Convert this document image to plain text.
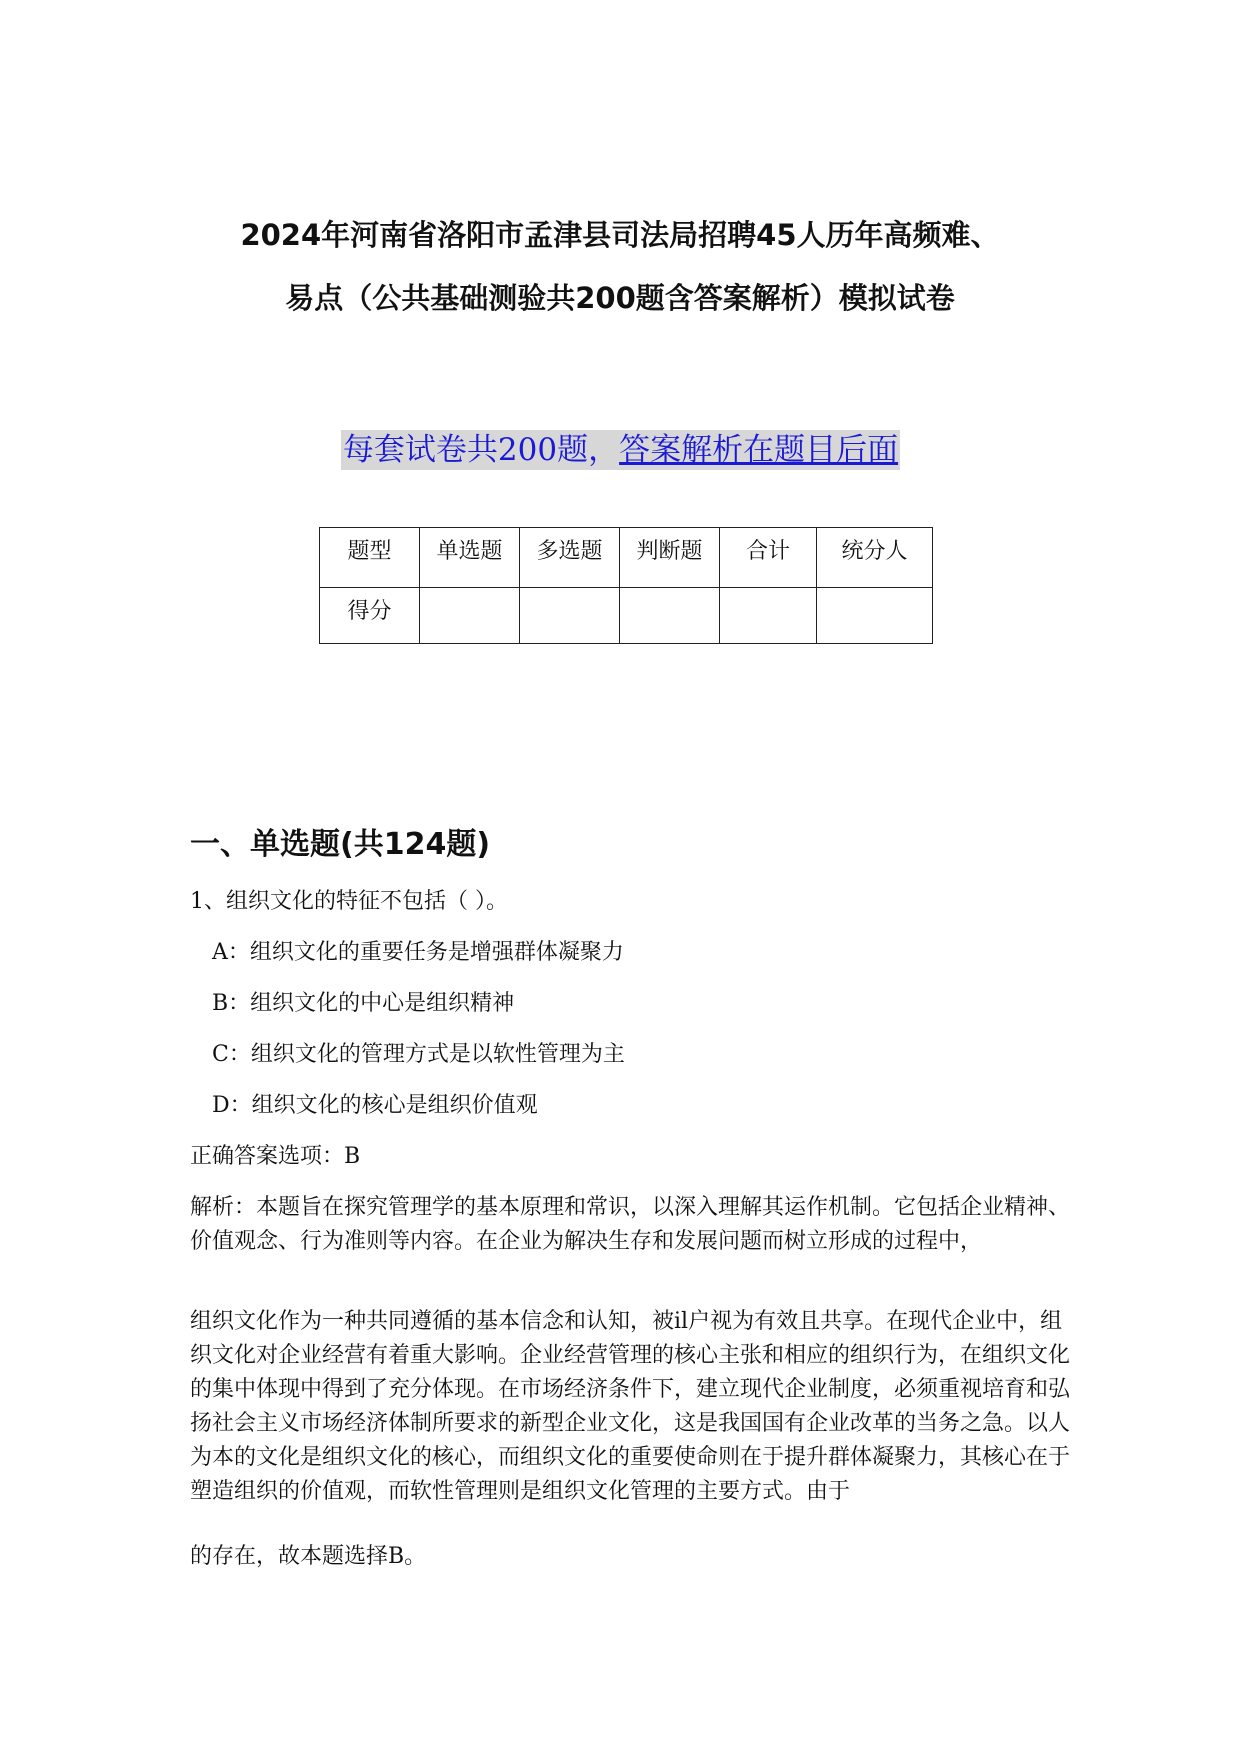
2024年河南省洛阳市孟津县司法局招聘45人历年高频难、
易点（公共基础测验共200题含答案解析）模拟试卷

每套试卷共200题，答案解析在题目后面

题型	单选题	多选题	判断题	合计	统分人
得分					
一、单选题(共124题)

1、组织文化的特征不包括（ ）。

A：组织文化的重要任务是增强群体凝聚力

B：组织文化的中心是组织精神

C：组织文化的管理方式是以软性管理为主

D：组织文化的核心是组织价值观

正确答案选项：B

解析：本题旨在探究管理学的基本原理和常识，以深入理解其运作机制。它包括企业精神、价值观念、行为准则等内容。在企业为解决生存和发展问题而树立形成的过程中，

组织文化作为一种共同遵循的基本信念和认知，被il户视为有效且共享。在现代企业中，组织文化对企业经营有着重大影响。企业经营管理的核心主张和相应的组织行为，在组织文化的集中体现中得到了充分体现。在市场经济条件下，建立现代企业制度，必须重视培育和弘扬社会主义市场经济体制所要求的新型企业文化，这是我国国有企业改革的当务之急。以人为本的文化是组织文化的核心，而组织文化的重要使命则在于提升群体凝聚力，其核心在于塑造组织的价值观，而软性管理则是组织文化管理的主要方式。由于

的存在，故本题选择B。
